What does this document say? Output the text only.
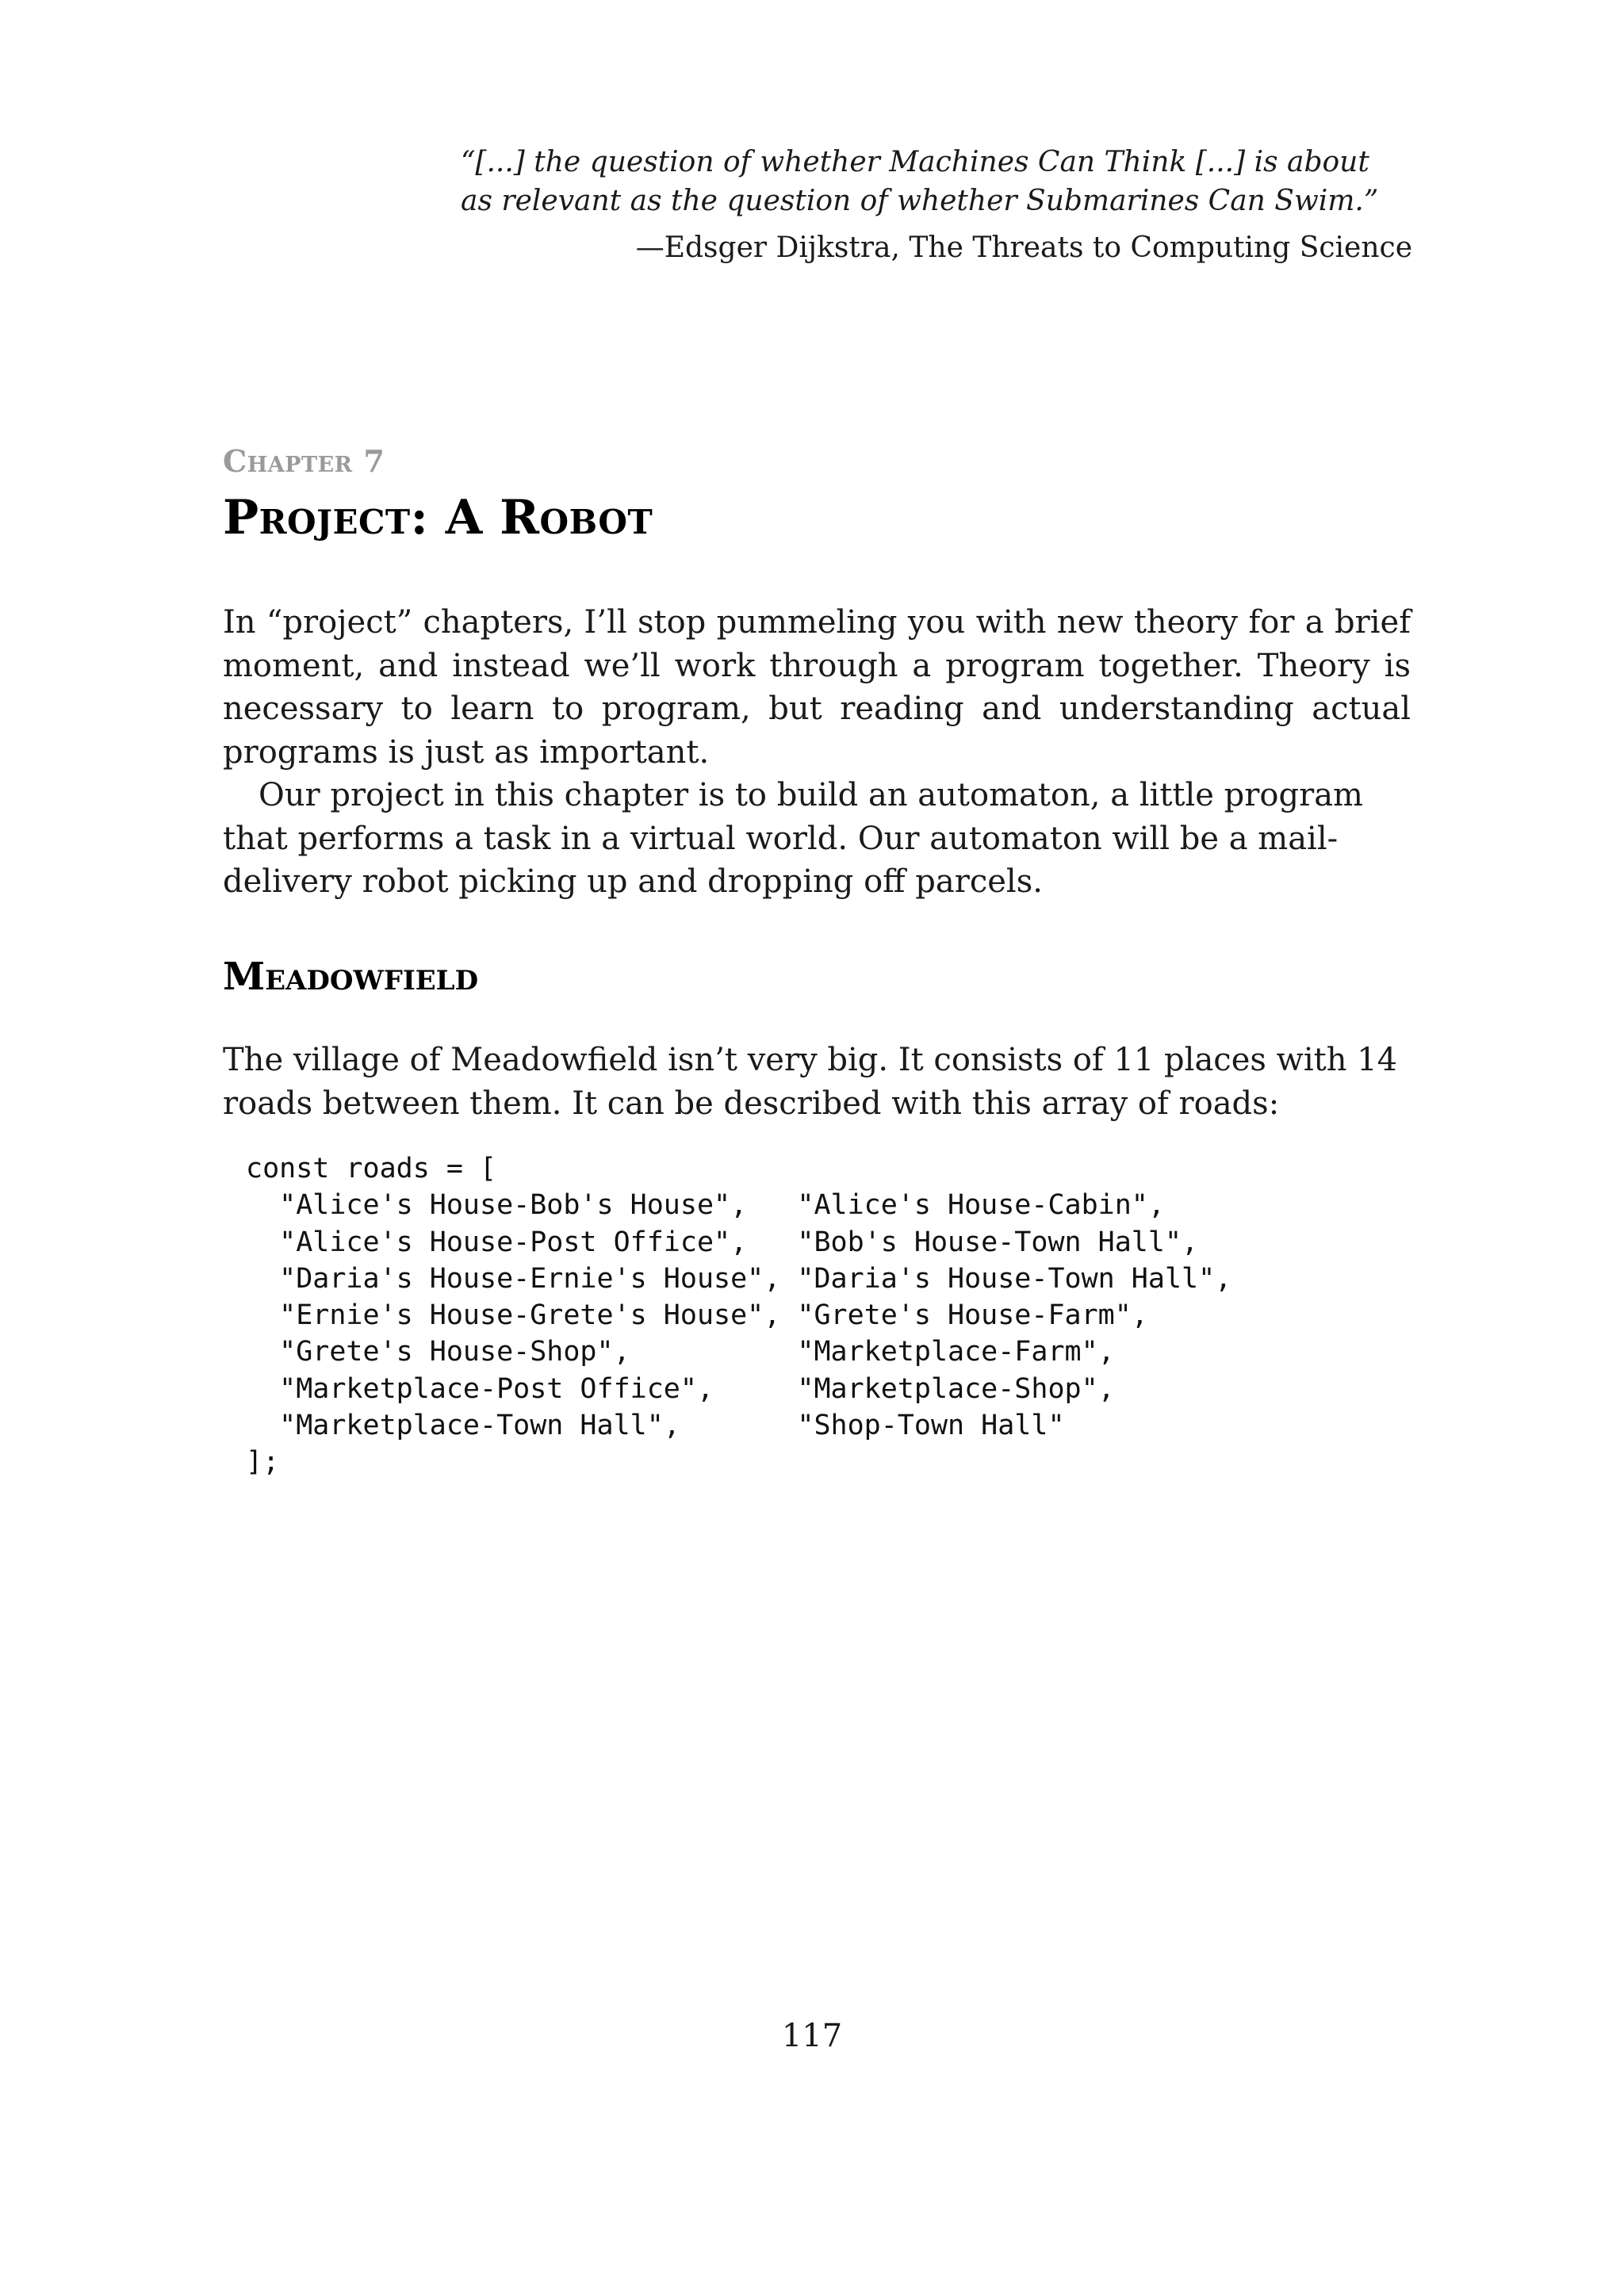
“[...] the question of whether Machines Can Think [...] is about as relevant as the question of whether Submarines Can Swim.”

—Edsger Dijkstra, The Threats to Computing Science

Chapter 7
Project: A Robot

In “project” chapters, I’ll stop pummeling you with new theory for a brief moment, and instead we’ll work through a program together. Theory is necessary to learn to program, but reading and understanding actual programs is just as important.

Our project in this chapter is to build an automaton, a little program that performs a task in a virtual world. Our automaton will be a mail-delivery robot picking up and dropping off parcels.

Meadowfield

The village of Meadowfield isn’t very big. It consists of 11 places with 14 roads between them. It can be described with this array of roads:

const roads = [
"Alice's House-Bob's House",   "Alice's House-Cabin",
"Alice's House-Post Office",   "Bob's House-Town Hall",
"Daria's House-Ernie's House", "Daria's House-Town Hall",
"Ernie's House-Grete's House", "Grete's House-Farm",
"Grete's House-Shop",          "Marketplace-Farm",
"Marketplace-Post Office",     "Marketplace-Shop",
"Marketplace-Town Hall",       "Shop-Town Hall"
];
117
